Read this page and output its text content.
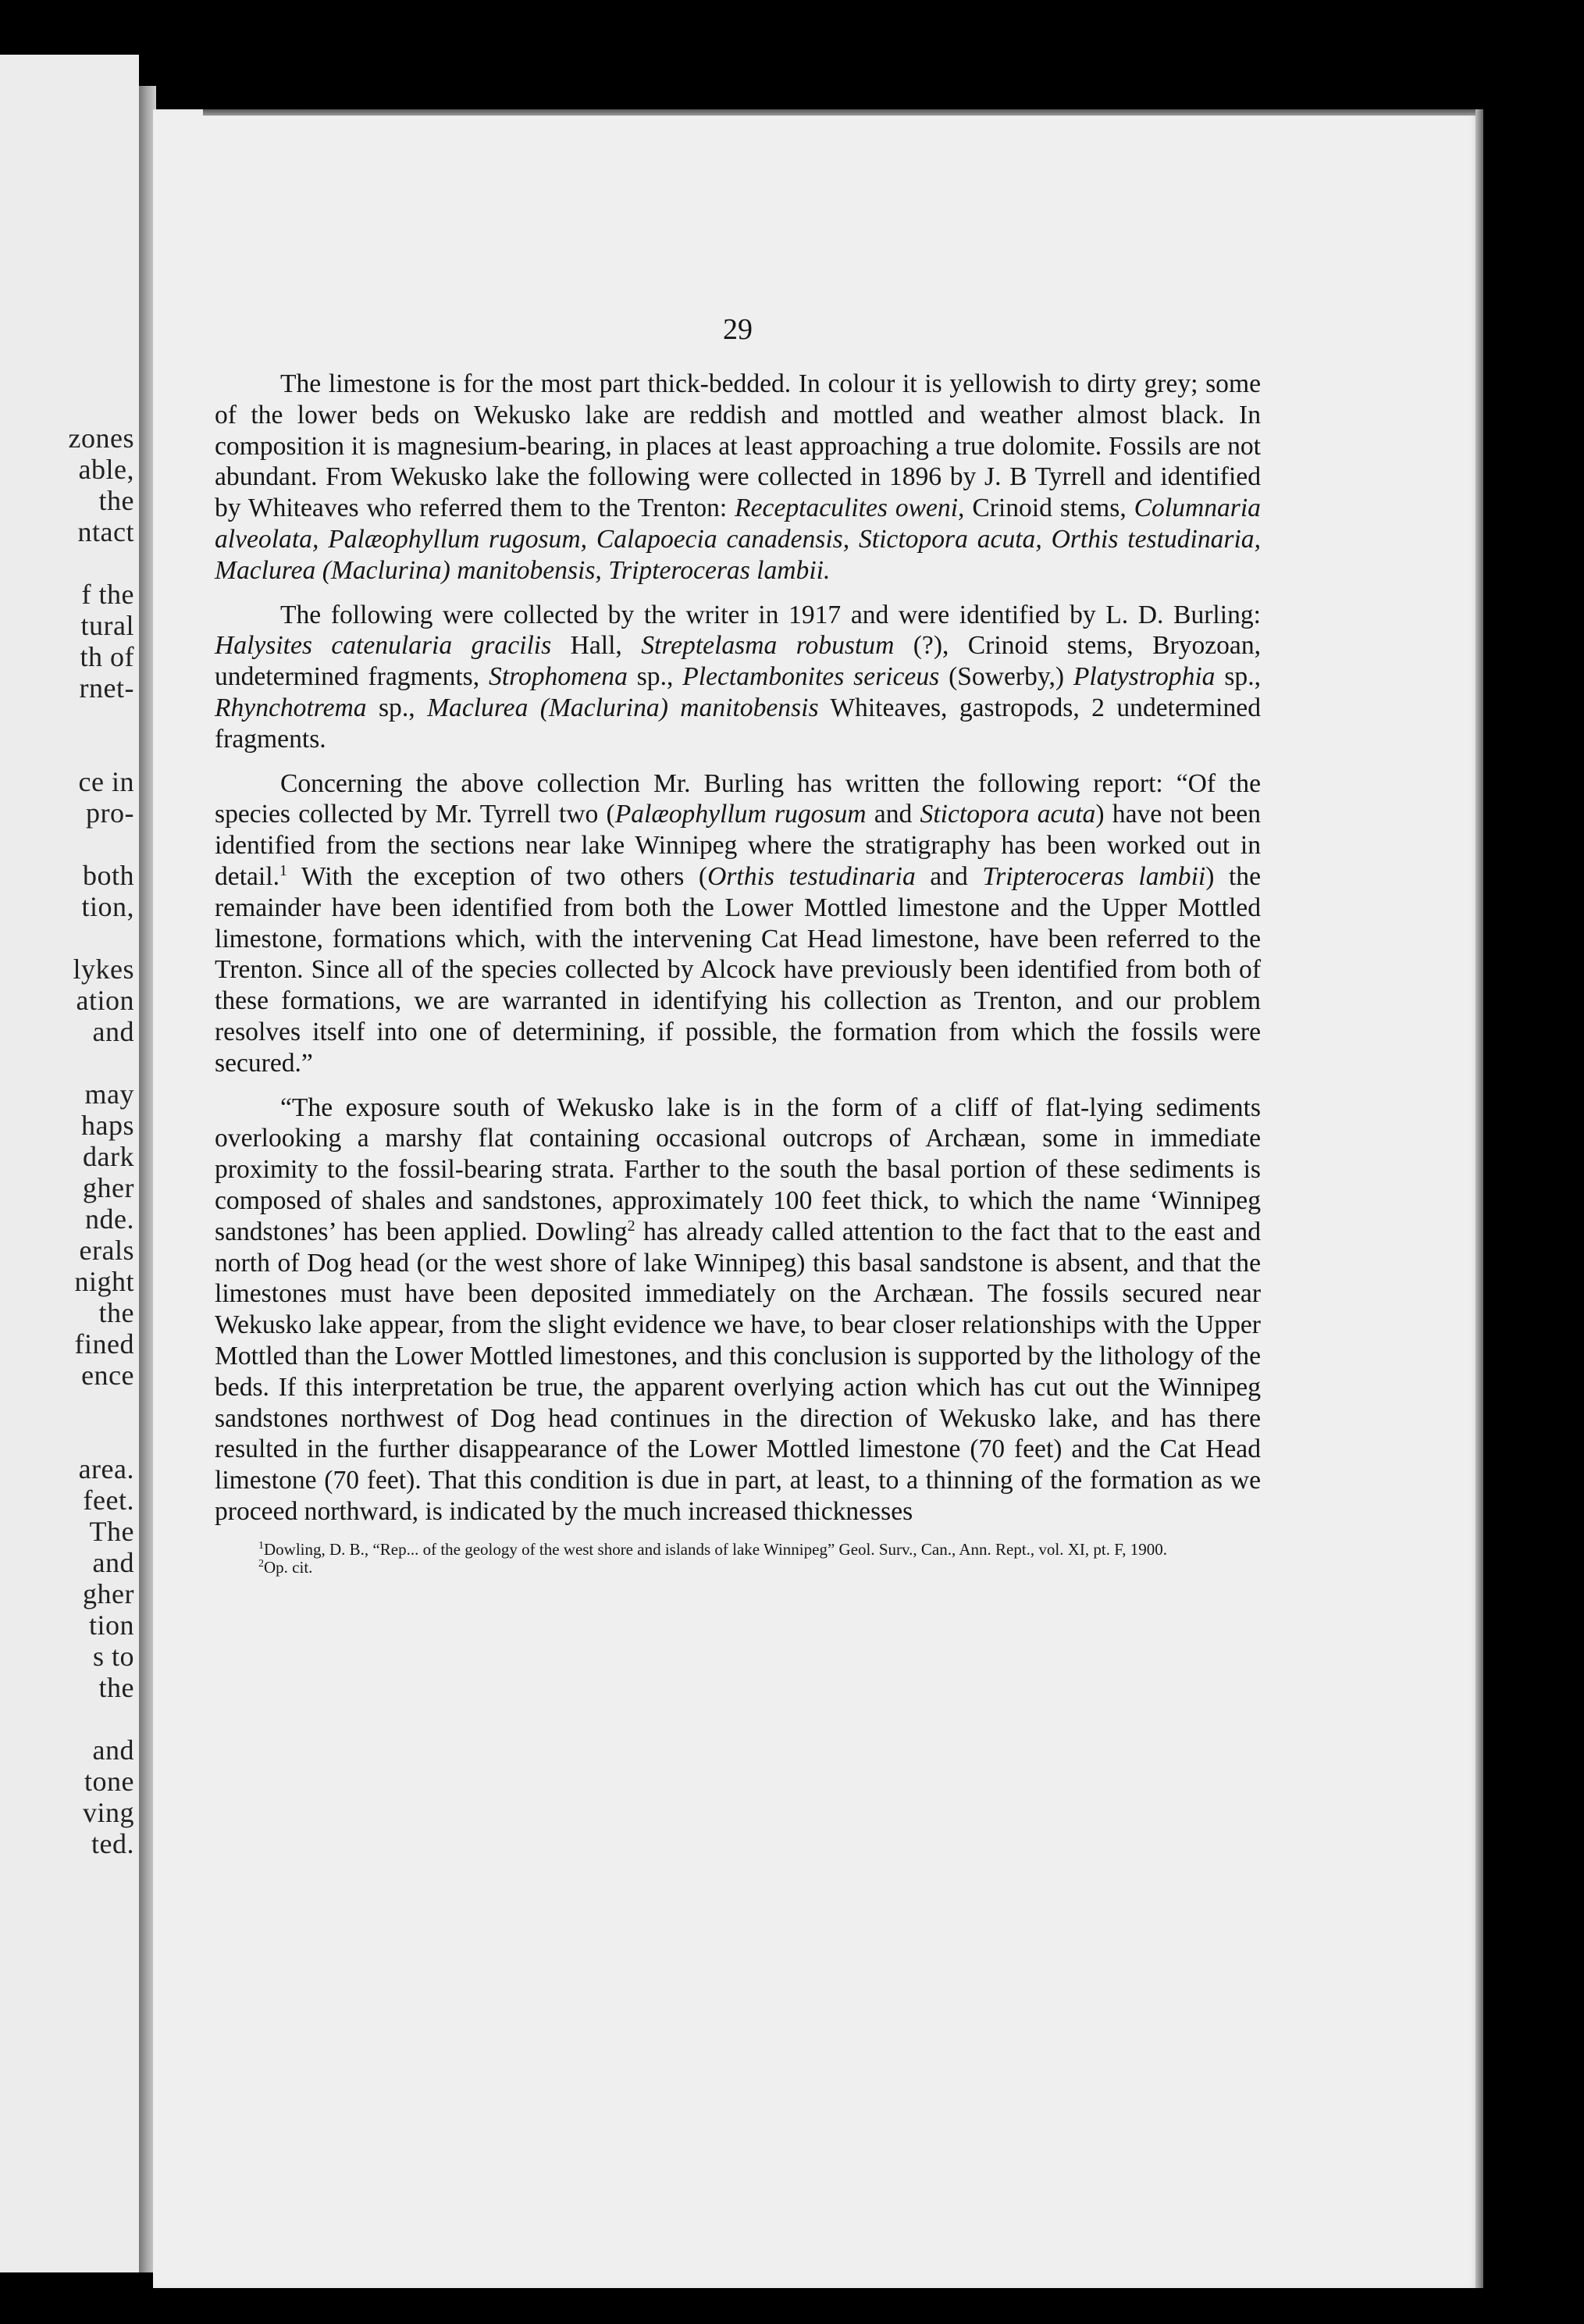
zones
able,
the
ntact
f the
tural
th of
rnet-
ce in
pro-
both
tion,
lykes
ation
and
may
haps
dark
gher
nde.
erals
night
the
fined
ence
area.
feet.
The
and
gher
tion
s to
the
and
tone
ving
ted.
29

The limestone is for the most part thick-bedded. In colour it is yellowish to dirty grey; some of the lower beds on Wekusko lake are reddish and mottled and weather almost black. In composition it is magnesium-bearing, in places at least approaching a true dolomite. Fossils are not abundant. From Wekusko lake the following were collected in 1896 by J. B Tyrrell and identified by Whiteaves who referred them to the Trenton: Receptaculites oweni, Crinoid stems, Columnaria alveolata, Palæophyllum rugosum, Calapoecia canadensis, Stictopora acuta, Orthis testudinaria, Maclurea (Maclurina) manitobensis, Tripteroceras lambii.

The following were collected by the writer in 1917 and were identified by L. D. Burling: Halysites catenularia gracilis Hall, Streptelasma robustum (?), Crinoid stems, Bryozoan, undetermined fragments, Strophomena sp., Plectambonites sericeus (Sowerby,) Platystrophia sp., Rhynchotrema sp., Maclurea (Maclurina) manitobensis Whiteaves, gastropods, 2 undetermined fragments.

Concerning the above collection Mr. Burling has written the following report: “Of the species collected by Mr. Tyrrell two (Palæophyllum rugosum and Stictopora acuta) have not been identified from the sections near lake Winnipeg where the stratigraphy has been worked out in detail.$^1$ With the exception of two others (Orthis testudinaria and Tripteroceras lambii) the remainder have been identified from both the Lower Mottled limestone and the Upper Mottled limestone, formations which, with the intervening Cat Head limestone, have been referred to the Trenton. Since all of the species collected by Alcock have previously been identified from both of these formations, we are warranted in identifying his collection as Trenton, and our problem resolves itself into one of determining, if possible, the formation from which the fossils were secured.”

“The exposure south of Wekusko lake is in the form of a cliff of flat-lying sediments overlooking a marshy flat containing occasional outcrops of Archæan, some in immediate proximity to the fossil-bearing strata. Farther to the south the basal portion of these sediments is composed of shales and sandstones, approximately 100 feet thick, to which the name ‘Winnipeg sandstones’ has been applied. Dowling$^2$ has already called attention to the fact that to the east and north of Dog head (or the west shore of lake Winnipeg) this basal sandstone is absent, and that the limestones must have been deposited immediately on the Archæan. The fossils secured near Wekusko lake appear, from the slight evidence we have, to bear closer relationships with the Upper Mottled than the Lower Mottled limestones, and this conclusion is supported by the lithology of the beds. If this interpretation be true, the apparent overlying action which has cut out the Winnipeg sandstones northwest of Dog head continues in the direction of Wekusko lake, and has there resulted in the further disappearance of the Lower Mottled limestone (70 feet) and the Cat Head limestone (70 feet). That this condition is due in part, at least, to a thinning of the formation as we proceed northward, is indicated by the much increased thicknesses

$^1$Dowling, D. B., “Rep... of the geology of the west shore and islands of lake Winnipeg” Geol. Surv., Can., Ann. Rept., vol. XI, pt. F, 1900.

$^2$Op. cit.
